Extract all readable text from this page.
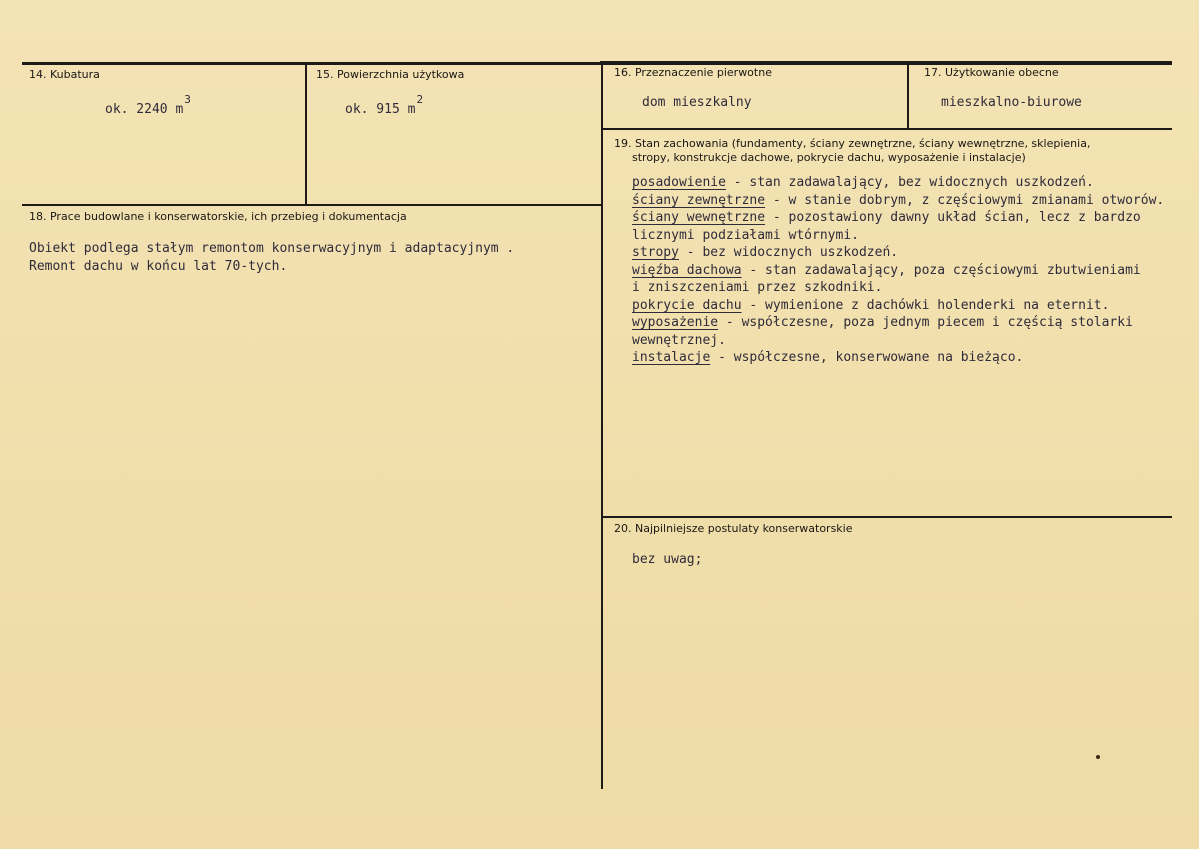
14. Kubatura
ok. 2240 $m^3$
15. Powierzchnia użytkowa
ok. 915 $m^2$
16. Przeznaczenie pierwotne
dom mieszkalny
17. Użytkowanie obecne
mieszkalno-biurowe
18. Prace budowlane i konserwatorskie, ich przebieg i dokumentacja
Obiekt podlega stałym remontom konserwacyjnym i adaptacyjnym .
Remont dachu w końcu lat 70-tych.
19. Stan zachowania (fundamenty, ściany zewnętrzne, ściany wewnętrzne, sklepienia,
stropy, konstrukcje dachowe, pokrycie dachu, wyposażenie i instalacje)
posadowienie - stan zadawalający, bez widocznych uszkodzeń.
ściany zewnętrzne - w stanie dobrym, z częściowymi zmianami otworów.
ściany wewnętrzne - pozostawiony dawny układ ścian, lecz z bardzo
licznymi podziałami wtórnymi.
stropy - bez widocznych uszkodzeń.
więźba dachowa - stan zadawalający, poza częściowymi zbutwieniami
i zniszczeniami przez szkodniki.
pokrycie dachu - wymienione z dachówki holenderki na eternit.
wyposażenie - współczesne, poza jednym piecem i częścią stolarki
wewnętrznej.
instalacje - współczesne, konserwowane na bieżąco.
20. Najpilniejsze postulaty konserwatorskie
bez uwag;
